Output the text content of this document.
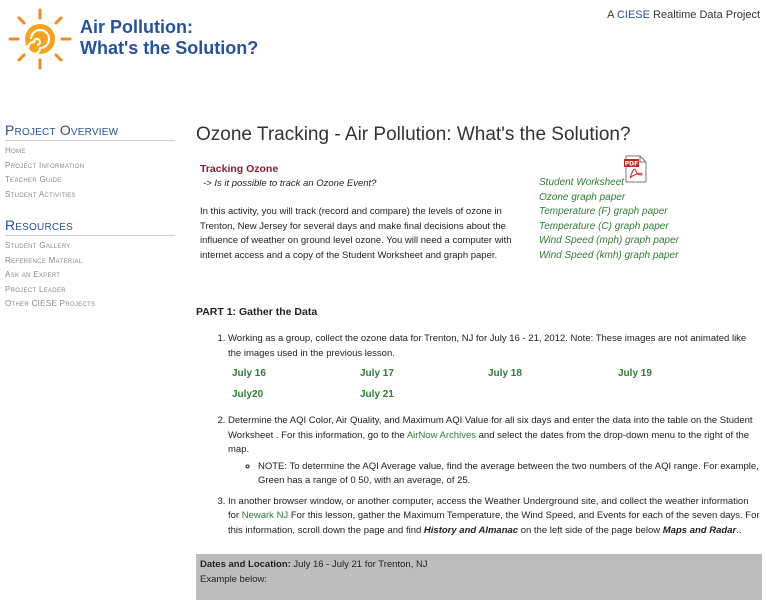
Air Pollution:
What's the Solution?
A CIESE Realtime Data Project
Project Overview
Home
Project Information
Teacher Guide
Student Activities
Resources
Student Gallery
Reference Material
Ask an Expert
Project Leader
Other CIESE Projects
Ozone Tracking - Air Pollution: What's the Solution?
Tracking Ozone
-> Is it possible to track an Ozone Event?

In this activity, you will track (record and compare) the levels of ozone in Trenton, New Jersey for several days and make final decisions about the influence of weather on ground level ozone. You will need a computer with internet access and a copy of the Student Worksheet and graph paper.

PDF
Student Worksheet
Ozone graph paper
Temperature (F) graph paper
Temperature (C) graph paper
Wind Speed (mph) graph paper
Wind Speed (kmh) graph paper
PART 1: Gather the Data
1. Working as a group, collect the ozone data for Trenton, NJ for July 16 - 21, 2012. Note: These images are not animated like the images used in the previous lesson.
July 16	July 17	July 18	July 19
July20	July 21
2. Determine the AQI Color, Air Quality, and Maximum AQI Value for all six days and enter the data into the table on the Student Worksheet . For this information, go to the AirNow Archives and select the dates from the drop-down menu to the right of the map.
◦ NOTE: To determine the AQI Average value, find the average between the two numbers of the AQI range. For example, Green has a range of 0 50, with an average, of 25.
3. In another browser window, or another computer, access the Weather Underground site, and collect the weather information for Newark NJ For this lesson, gather the Maximum Temperature, the Wind Speed, and Events for each of the seven days. For this information, scroll down the page and find History and Almanac on the left side of the page below Maps and Radar..
Dates and Location: July 16 - July 21 for Trenton, NJ
Example below:
